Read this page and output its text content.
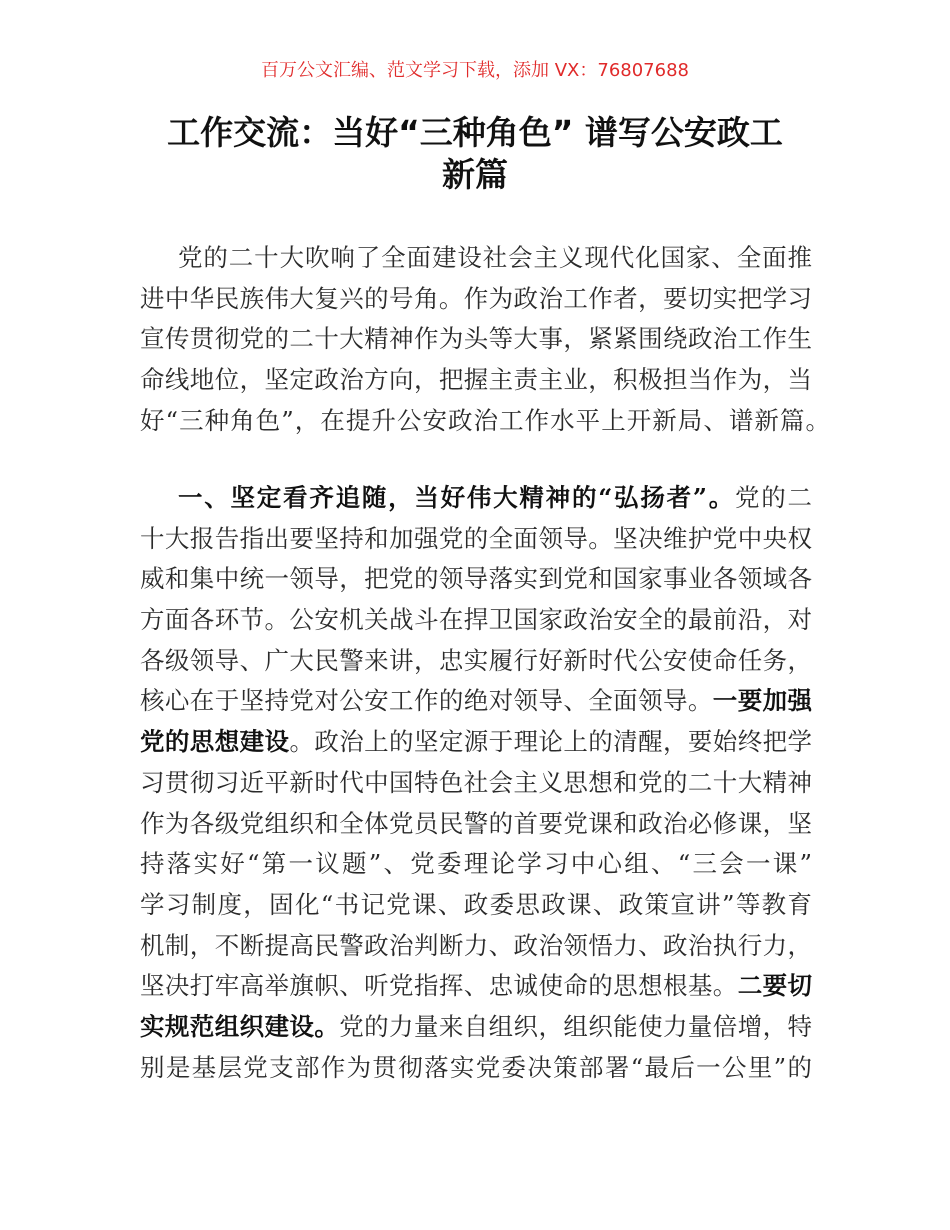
百万公文汇编、范文学习下载，添加 VX：76807688
工作交流：当好“三种角色” 谱写公安政工
新篇
党的二十大吹响了全面建设社会主义现代化国家、全面推
进中华民族伟大复兴的号角。作为政治工作者，要切实把学习
宣传贯彻党的二十大精神作为头等大事，紧紧围绕政治工作生
命线地位，坚定政治方向，把握主责主业，积极担当作为，当
好“三种角色”，在提升公安政治工作水平上开新局、谱新篇。
一、坚定看齐追随，当好伟大精神的“弘扬者”。党的二
十大报告指出要坚持和加强党的全面领导。坚决维护党中央权
威和集中统一领导，把党的领导落实到党和国家事业各领域各
方面各环节。公安机关战斗在捍卫国家政治安全的最前沿，对
各级领导、广大民警来讲，忠实履行好新时代公安使命任务，
核心在于坚持党对公安工作的绝对领导、全面领导。一要加强
党的思想建设。政治上的坚定源于理论上的清醒，要始终把学
习贯彻习近平新时代中国特色社会主义思想和党的二十大精神
作为各级党组织和全体党员民警的首要党课和政治必修课，坚
持落实好“第一议题”、党委理论学习中心组、“三会一课”
学习制度，固化“书记党课、政委思政课、政策宣讲”等教育
机制，不断提高民警政治判断力、政治领悟力、政治执行力，
坚决打牢高举旗帜、听党指挥、忠诚使命的思想根基。二要切
实规范组织建设。党的力量来自组织，组织能使力量倍增，特
别是基层党支部作为贯彻落实党委决策部署“最后一公里”的
